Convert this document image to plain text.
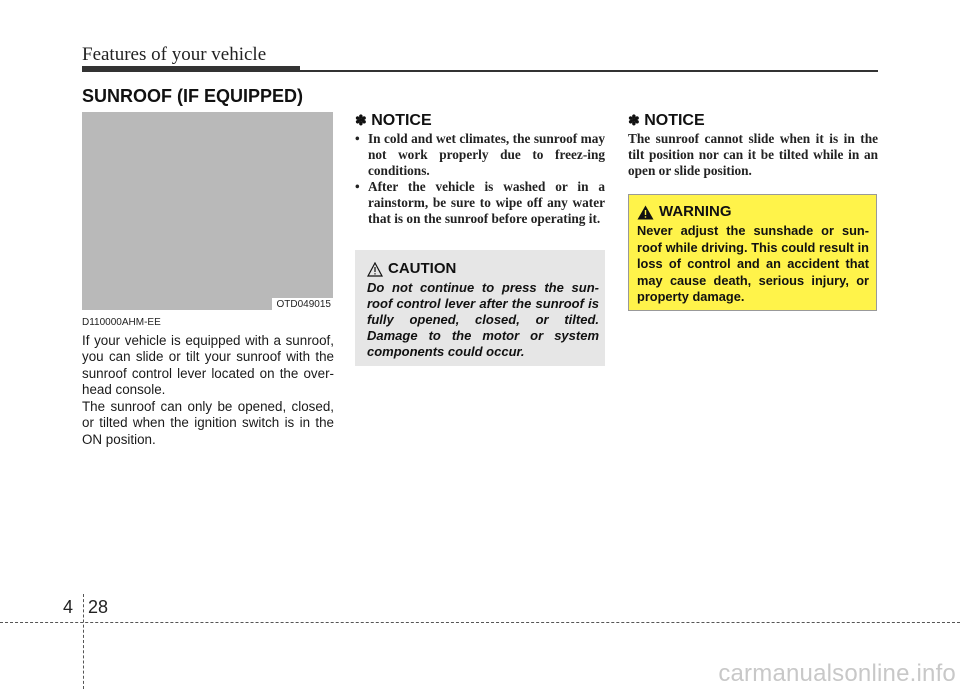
Features of your vehicle
SUNROOF (IF EQUIPPED)
OTD049015
D110000AHM-EE

If your vehicle is equipped with a sunroof, you can slide or tilt your sunroof with the sunroof control lever located on the over-head console.

The sunroof can only be opened, closed, or tilted when the ignition switch is in the ON position.

✽ NOTICE
• In cold and wet climates, the sunroof may not work properly due to freez-ing conditions.
• After the vehicle is washed or in a rainstorm, be sure to wipe off any water that is on the sunroof before operating it.
CAUTION

Do not continue to press the sun-roof control lever after the sunroof is fully opened, closed, or tilted. Damage to the motor or system components could occur.

✽ NOTICE

The sunroof cannot slide when it is in the tilt position nor can it be tilted while in an open or slide position.

WARNING

Never adjust the sunshade or sun-roof while driving. This could result in loss of control and an accident that may cause death, serious injury, or property damage.

4 28
carmanualsonline.info
